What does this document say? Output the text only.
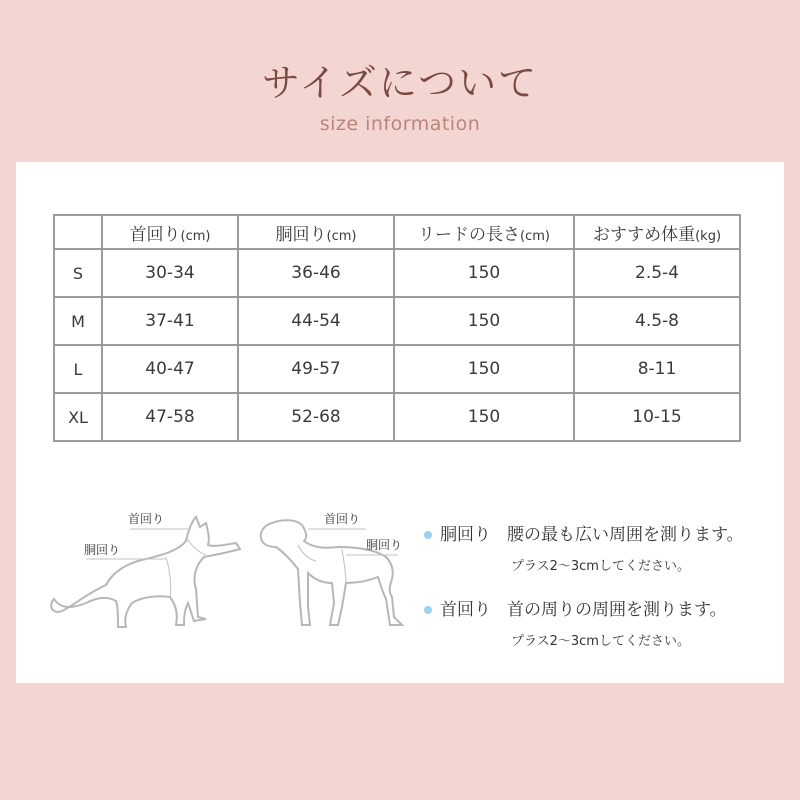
サイズについて
size information
	首回り(cm)	胴回り(cm)	リードの長さ(cm)	おすすめ体重(kg)
S	30-34	36-46	150	2.5-4
M	37-41	44-54	150	4.5-8
L	40-47	49-57	150	8-11
XL	47-58	52-68	150	10-15
首回り
胴回り
首回り
胴回り	胴回り 腰の最も広い周囲を測ります。
プラス2～3cmしてください。
首回り 首の周りの周囲を測ります。
プラス2～3cmしてください。
